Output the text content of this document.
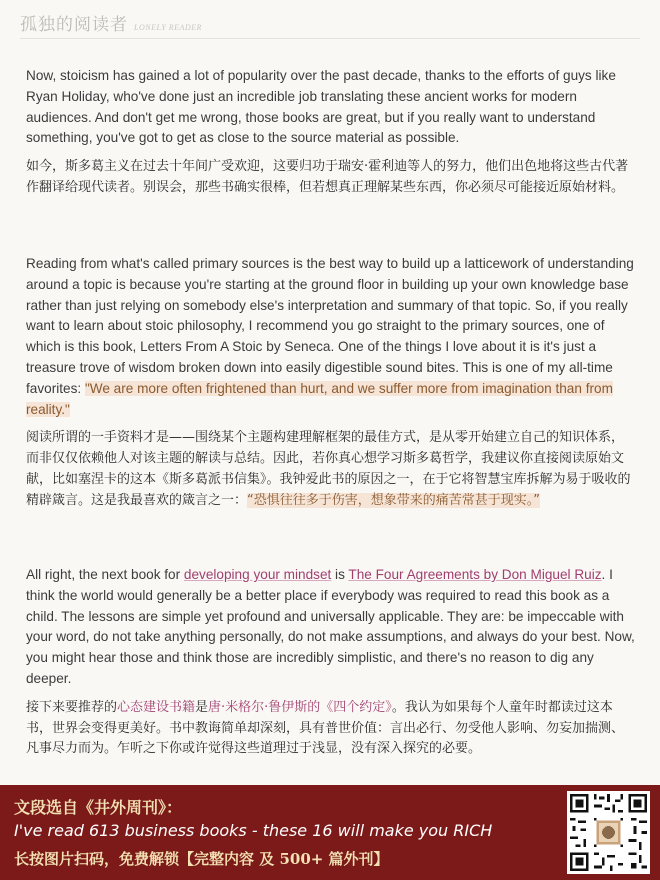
孤独的阅读者 LONELY READER

Now, stoicism has gained a lot of popularity over the past decade, thanks to the efforts of guys like Ryan Holiday, who've done just an incredible job translating these ancient works for modern audiences. And don't get me wrong, those books are great, but if you really want to understand something, you've got to get as close to the source material as possible.

如今，斯多葛主义在过去十年间广受欢迎，这要归功于瑞安·霍利迪等人的努力，他们出色地将这些古代著作翻译给现代读者。别误会，那些书确实很棒，但若想真正理解某些东西，你必须尽可能接近原始材料。

Reading from what's called primary sources is the best way to build up a latticework of understanding around a topic is because you're starting at the ground floor in building up your own knowledge base rather than just relying on somebody else's interpretation and summary of that topic. So, if you really want to learn about stoic philosophy, I recommend you go straight to the primary sources, one of which is this book, Letters From A Stoic by Seneca. One of the things I love about it is it's just a treasure trove of wisdom broken down into easily digestible sound bites. This is one of my all-time favorites: "We are more often frightened than hurt, and we suffer more from imagination than from reality."

阅读所谓的一手资料才是——围绕某个主题构建理解框架的最佳方式，是从零开始建立自己的知识体系，而非仅仅依赖他人对该主题的解读与总结。因此，若你真心想学习斯多葛哲学，我建议你直接阅读原始文献，比如塞涅卡的这本《斯多葛派书信集》。我钟爱此书的原因之一，在于它将智慧宝库拆解为易于吸收的精辟箴言。这是我最喜欢的箴言之一：“恐惧往往多于伤害，想象带来的痛苦常甚于现实。”

All right, the next book for developing your mindset is The Four Agreements by Don Miguel Ruiz. I think the world would generally be a better place if everybody was required to read this book as a child. The lessons are simple yet profound and universally applicable. They are: be impeccable with your word, do not take anything personally, do not make assumptions, and always do your best. Now, you might hear those and think those are incredibly simplistic, and there's no reason to dig any deeper.

接下来要推荐的心态建设书籍是唐·米格尔·鲁伊斯的《四个约定》。我认为如果每个人童年时都读过这本书，世界会变得更美好。书中教诲简单却深刻，具有普世价值：言出必行、勿受他人影响、勿妄加揣测、凡事尽力而为。乍听之下你或许觉得这些道理过于浅显，没有深入探究的必要。

文段选自《井外周刊》：
I've read 613 business books - these 16 will make you RICH
长按图片扫码，免费解锁【完整内容 及 500+ 篇外刊】
